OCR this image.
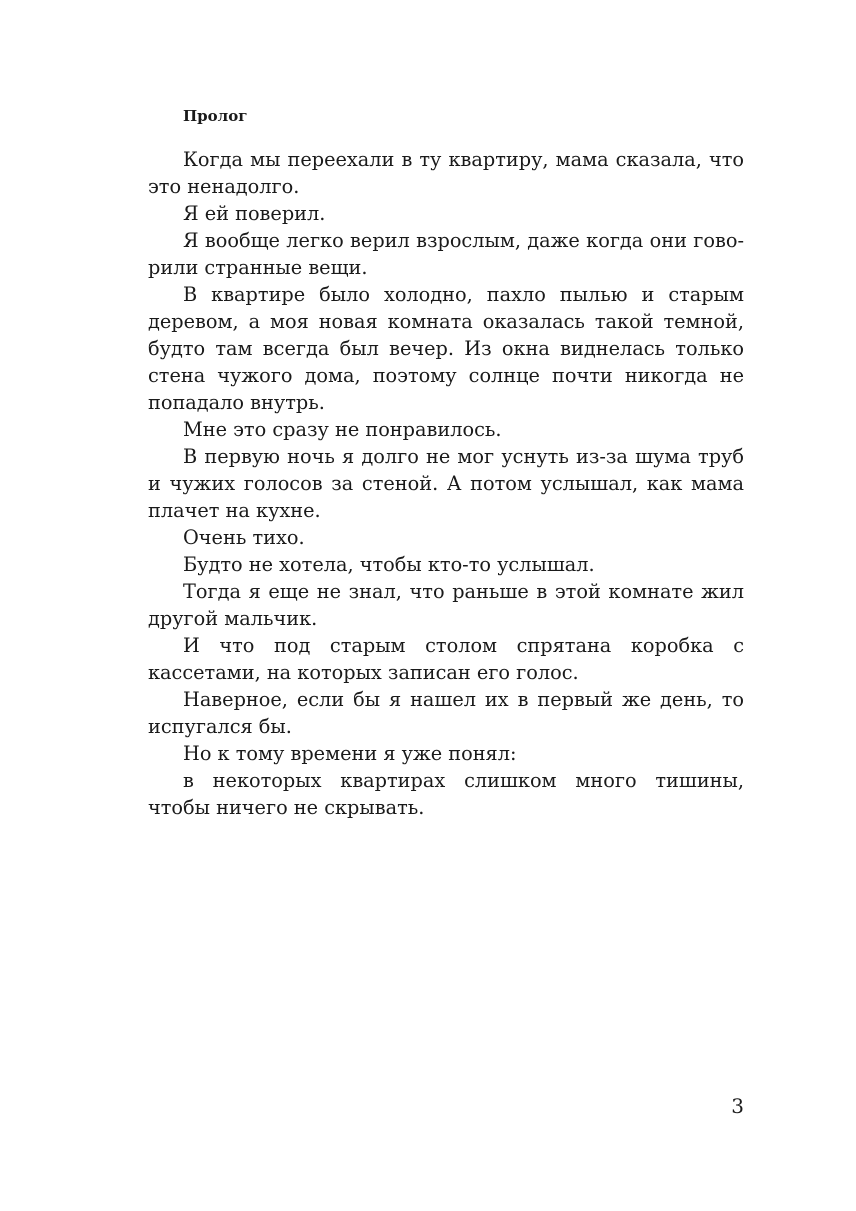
Пролог

Когда мы переехали в ту квартиру, мама сказала, что это ненадолго.

Я ей поверил.

Я вообще легко верил взрослым, даже когда они говорили странные вещи.

В квартире было холодно, пахло пылью и старым деревом, а моя новая комната оказалась такой темной, будто там всегда был вечер. Из окна виднелась только стена чужого дома, поэтому солнце почти никогда не попадало внутрь.

Мне это сразу не понравилось.

В первую ночь я долго не мог уснуть из-за шума труб и чужих голосов за стеной. А потом услышал, как мама плачет на кухне.

Очень тихо.

Будто не хотела, чтобы кто-то услышал.

Тогда я еще не знал, что раньше в этой комнате жил другой мальчик.

И что под старым столом спрятана коробка с кассетами, на которых записан его голос.

Наверное, если бы я нашел их в первый же день, то испугался бы.

Но к тому времени я уже понял:

в некоторых квартирах слишком много тишины, чтобы ничего не скрывать.

3
